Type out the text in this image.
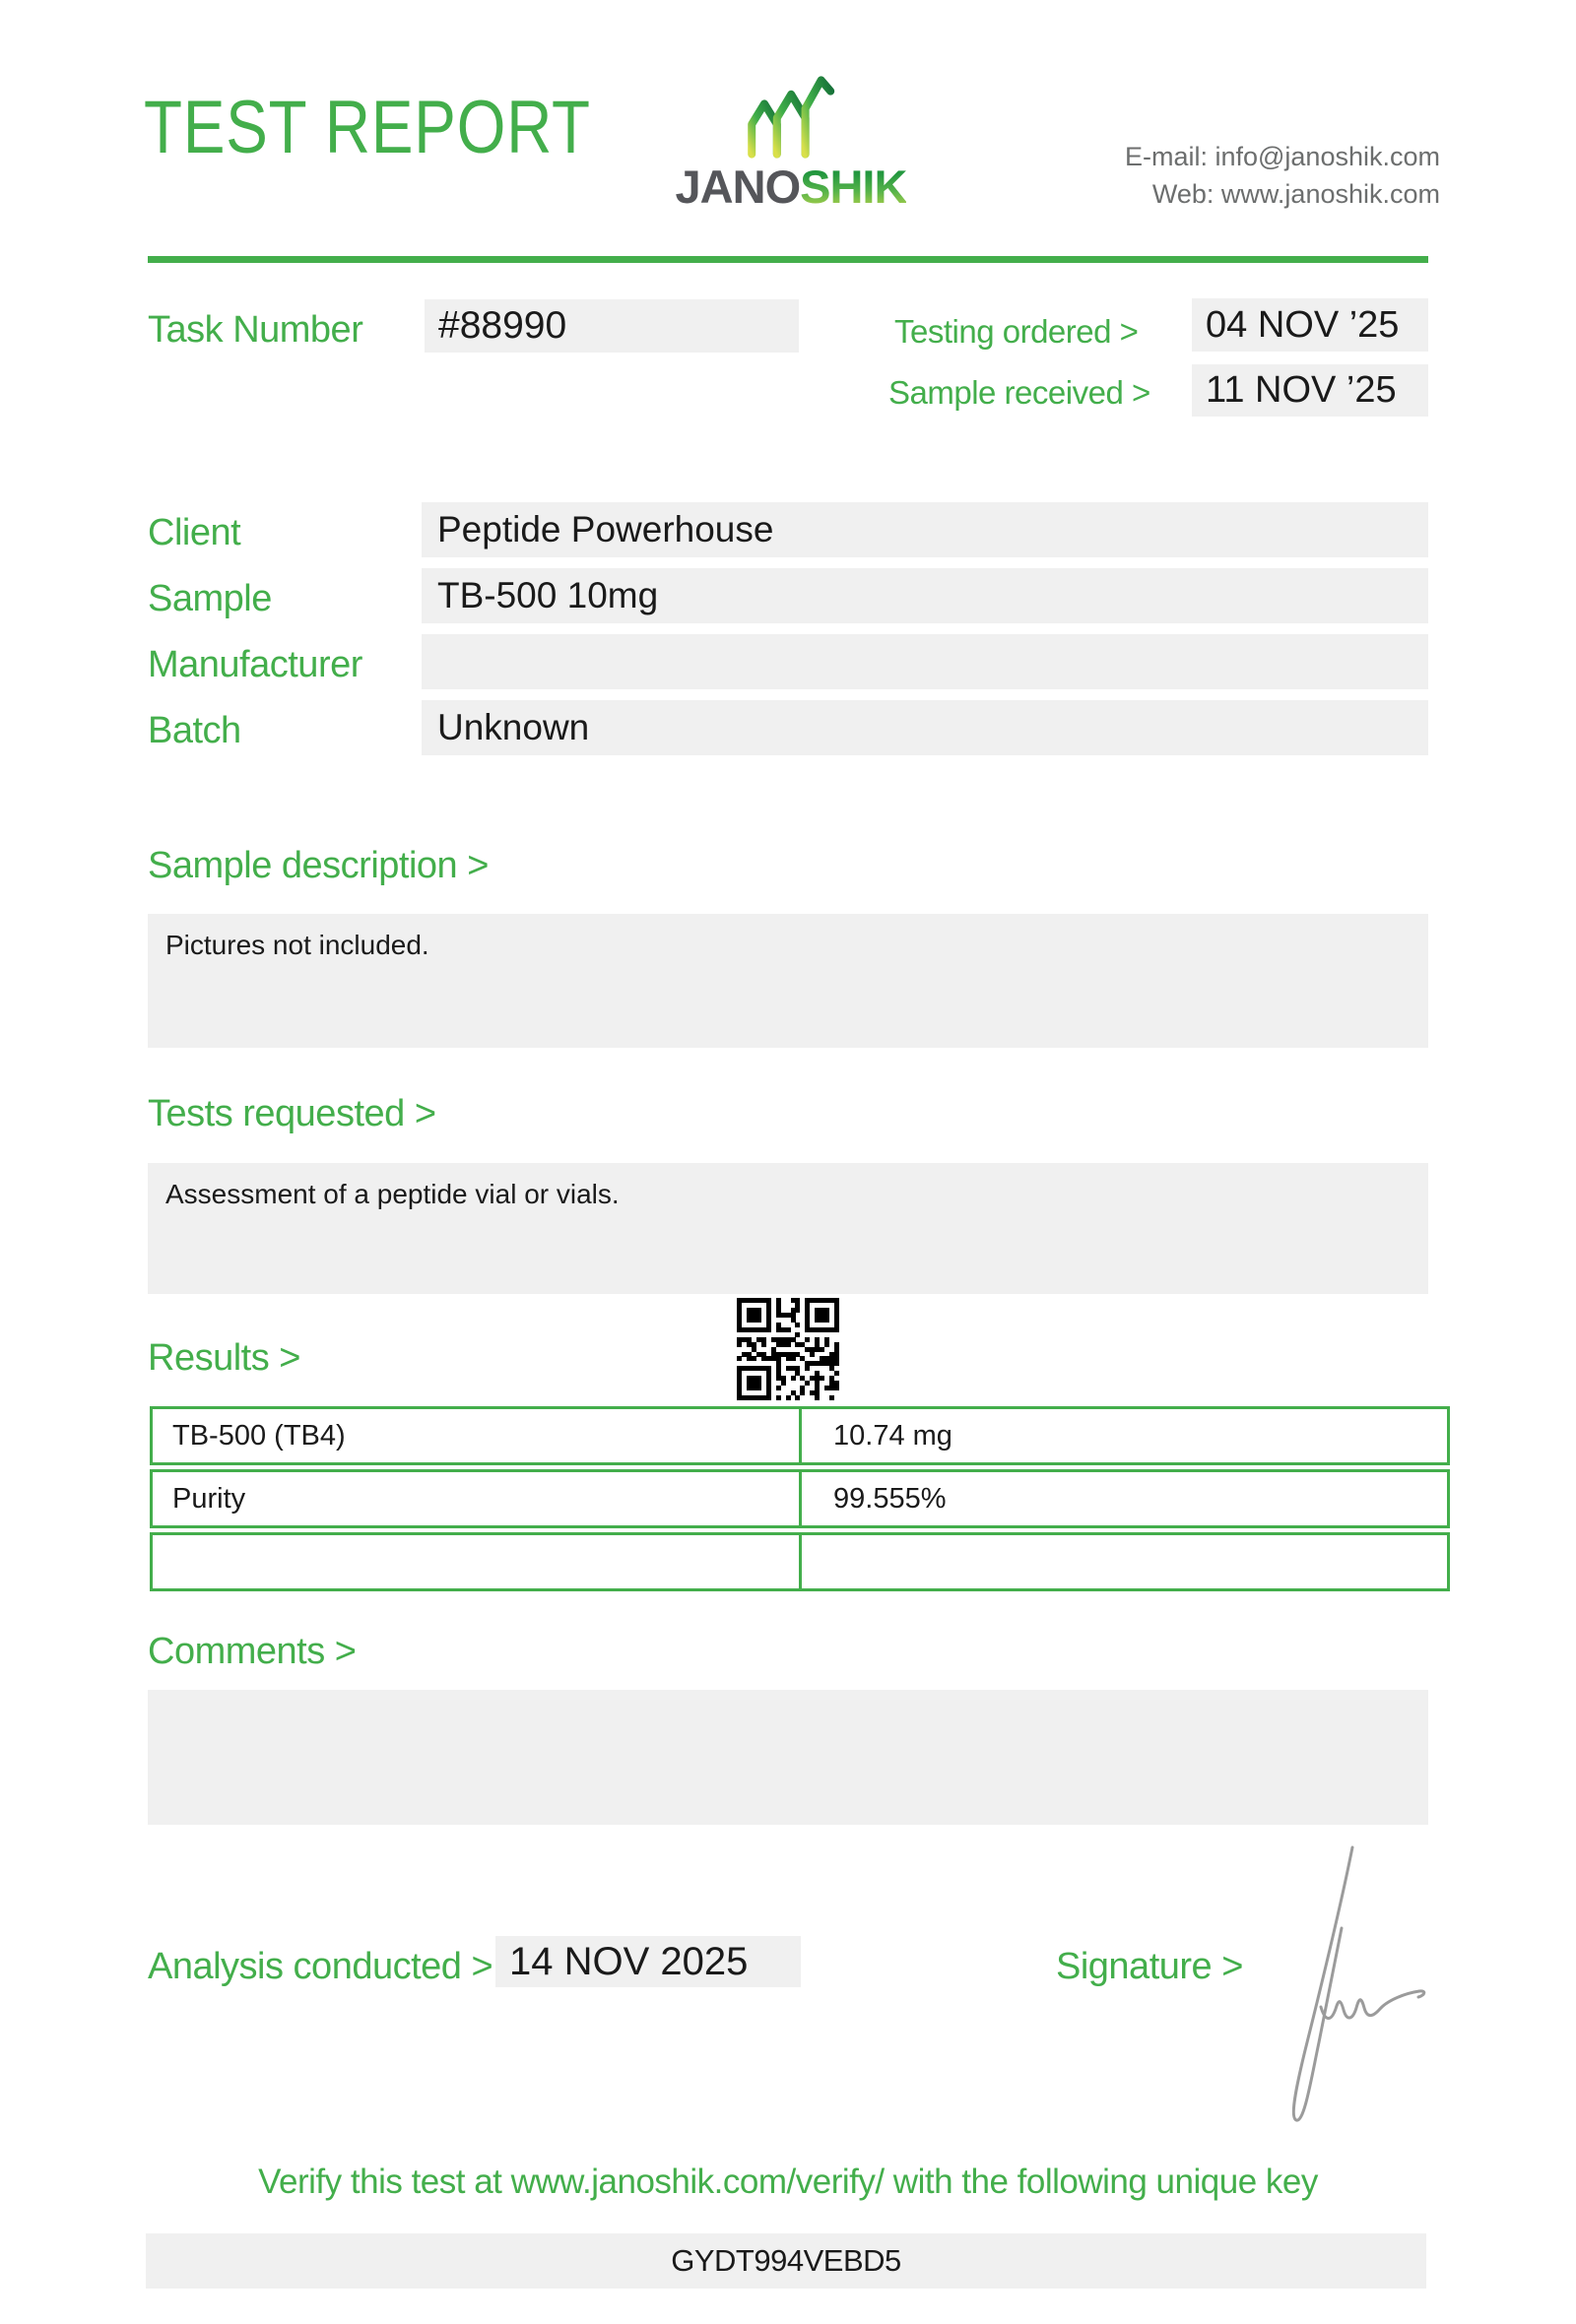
TEST REPORT
JANOSHIK
E-mail: info@janoshik.com
Web: www.janoshik.com
Task Number	#88990	Testing ordered >	04 NOV ’25
Sample received >	11 NOV ’25
Client	Peptide Powerhouse
Sample	TB-500 10mg
Manufacturer
Batch	Unknown
Sample description >
Pictures not included.
Tests requested >
Assessment of a peptide vial or vials.
Results >
TB-500 (TB4)	10.74 mg
Purity	99.555%
Comments >
Analysis conducted > 14 NOV 2025	Signature >
Verify this test at www.janoshik.com/verify/ with the following unique key
GYDT994VEBD5
